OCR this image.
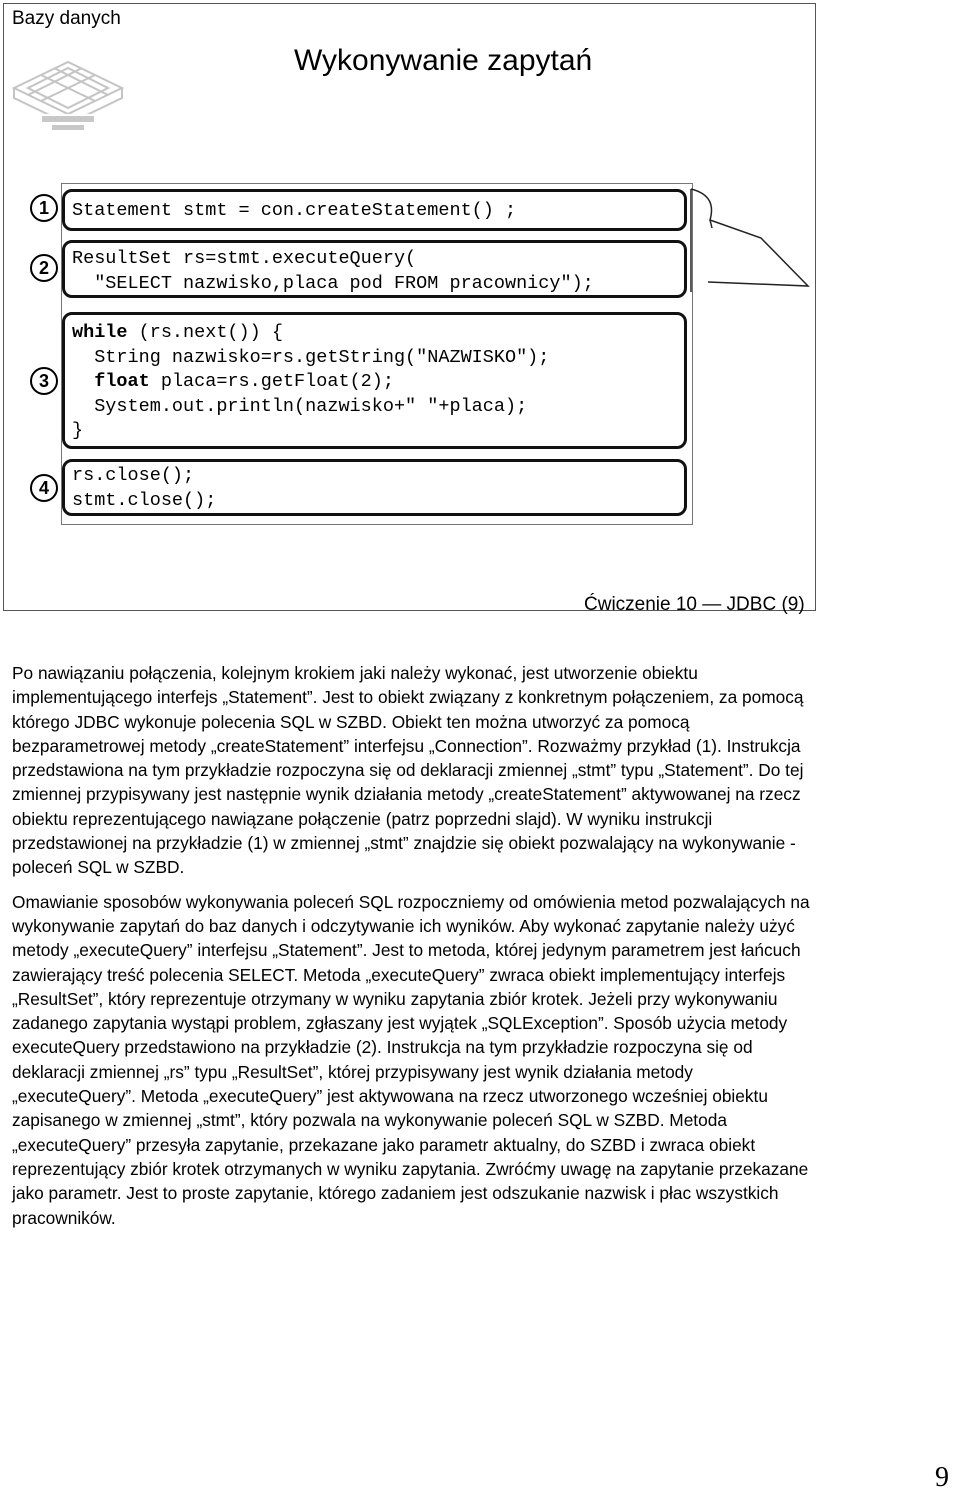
Bazy danych
Wykonywanie zapytań
Ćwiczenie 10 — JDBC (9)
Statement stmt = con.createStatement() ;
ResultSet rs=stmt.executeQuery(
"SELECT nazwisko,placa pod FROM pracownicy");
while (rs.next()) {
String nazwisko=rs.getString("NAZWISKO");
float placa=rs.getFloat(2);
System.out.println(nazwisko+" "+placa);
}
rs.close();
stmt.close();
1
2
3
4

Po nawiązaniu połączenia, kolejnym krokiem jaki należy wykonać, jest utworzenie obiektu implementującego interfejs „Statement”. Jest to obiekt związany z konkretnym połączeniem, za pomocą którego JDBC wykonuje polecenia SQL w SZBD. Obiekt ten można utworzyć za pomocą bezparametrowej metody „createStatement” interfejsu „Connection”. Rozważmy przykład (1). Instrukcja przedstawiona na tym przykładzie rozpoczyna się od deklaracji zmiennej „stmt” typu „Statement”. Do tej zmiennej przypisywany jest następnie wynik działania metody „createStatement” aktywowanej na rzecz obiektu reprezentującego nawiązane połączenie (patrz poprzedni slajd). W wyniku instrukcji przedstawionej na przykładzie (1) w zmiennej „stmt” znajdzie się obiekt pozwalający na wykonywanie -poleceń SQL w SZBD.

Omawianie sposobów wykonywania poleceń SQL rozpoczniemy od omówienia metod pozwalających na wykonywanie zapytań do baz danych i odczytywanie ich wyników. Aby wykonać zapytanie należy użyć metody „executeQuery” interfejsu „Statement”. Jest to metoda, której jedynym parametrem jest łańcuch zawierający treść polecenia SELECT. Metoda „executeQuery” zwraca obiekt implementujący interfejs „ResultSet”, który reprezentuje otrzymany w wyniku zapytania zbiór krotek. Jeżeli przy wykonywaniu zadanego zapytania wystąpi problem, zgłaszany jest wyjątek „SQLException”. Sposób użycia metody executeQuery przedstawiono na przykładzie (2). Instrukcja na tym przykładzie rozpoczyna się od deklaracji zmiennej „rs” typu „ResultSet”, której przypisywany jest wynik działania metody „executeQuery”. Metoda „executeQuery” jest aktywowana na rzecz utworzonego wcześniej obiektu zapisanego w zmiennej „stmt”, który pozwala na wykonywanie poleceń SQL w SZBD. Metoda „executeQuery” przesyła zapytanie, przekazane jako parametr aktualny, do SZBD i zwraca obiekt reprezentujący zbiór krotek otrzymanych w wyniku zapytania. Zwróćmy uwagę na zapytanie przekazane jako parametr. Jest to proste zapytanie, którego zadaniem jest odszukanie nazwisk i płac wszystkich pracowników.

9
